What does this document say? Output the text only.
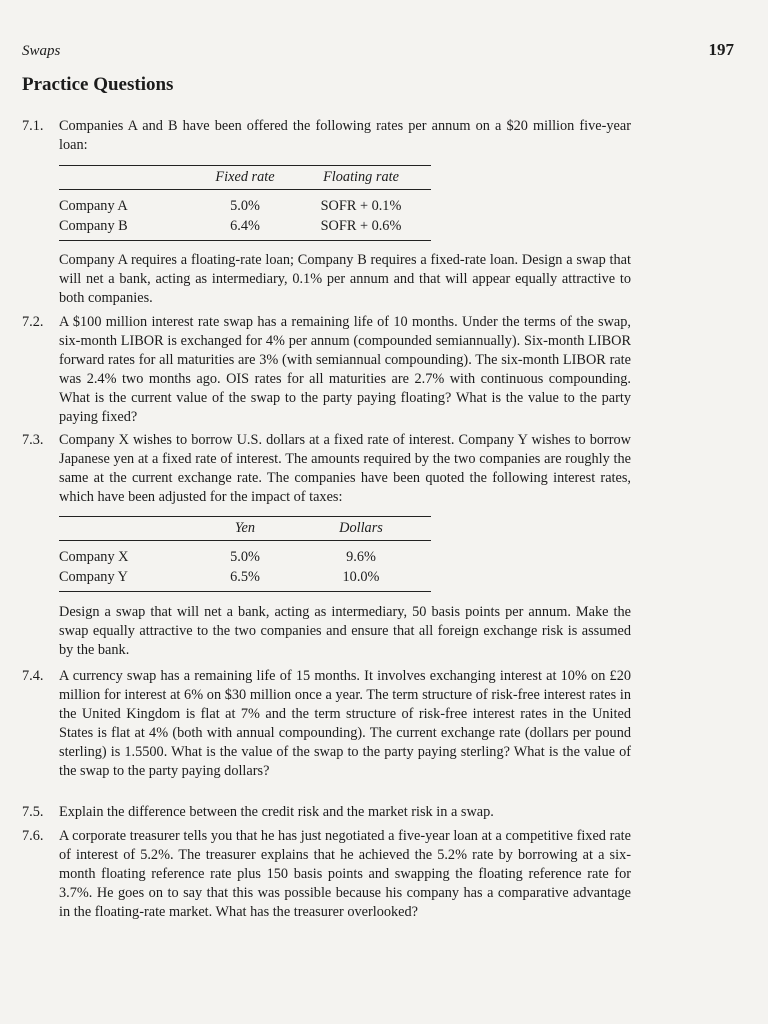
Swaps	197
Practice Questions
7.1. Companies A and B have been offered the following rates per annum on a $20 million five-year loan:
	Fixed rate	Floating rate
Company A	5.0%	SOFR + 0.1%
Company B	6.4%	SOFR + 0.6%
Company A requires a floating-rate loan; Company B requires a fixed-rate loan. Design a swap that will net a bank, acting as intermediary, 0.1% per annum and that will appear equally attractive to both companies.
7.2. A $100 million interest rate swap has a remaining life of 10 months. Under the terms of the swap, six-month LIBOR is exchanged for 4% per annum (compounded semiannually). Six-month LIBOR forward rates for all maturities are 3% (with semiannual compounding). The six-month LIBOR rate was 2.4% two months ago. OIS rates for all maturities are 2.7% with continuous compounding. What is the current value of the swap to the party paying floating? What is the value to the party paying fixed?
7.3. Company X wishes to borrow U.S. dollars at a fixed rate of interest. Company Y wishes to borrow Japanese yen at a fixed rate of interest. The amounts required by the two companies are roughly the same at the current exchange rate. The companies have been quoted the following interest rates, which have been adjusted for the impact of taxes:
	Yen	Dollars
Company X	5.0%	9.6%
Company Y	6.5%	10.0%
Design a swap that will net a bank, acting as intermediary, 50 basis points per annum. Make the swap equally attractive to the two companies and ensure that all foreign exchange risk is assumed by the bank.
7.4. A currency swap has a remaining life of 15 months. It involves exchanging interest at 10% on £20 million for interest at 6% on $30 million once a year. The term structure of risk-free interest rates in the United Kingdom is flat at 7% and the term structure of risk-free interest rates in the United States is flat at 4% (both with annual compounding). The current exchange rate (dollars per pound sterling) is 1.5500. What is the value of the swap to the party paying sterling? What is the value of the swap to the party paying dollars?
7.5. Explain the difference between the credit risk and the market risk in a swap.
7.6. A corporate treasurer tells you that he has just negotiated a five-year loan at a competitive fixed rate of interest of 5.2%. The treasurer explains that he achieved the 5.2% rate by borrowing at a six-month floating reference rate plus 150 basis points and swapping the floating reference rate for 3.7%. He goes on to say that this was possible because his company has a comparative advantage in the floating-rate market. What has the treasurer overlooked?
